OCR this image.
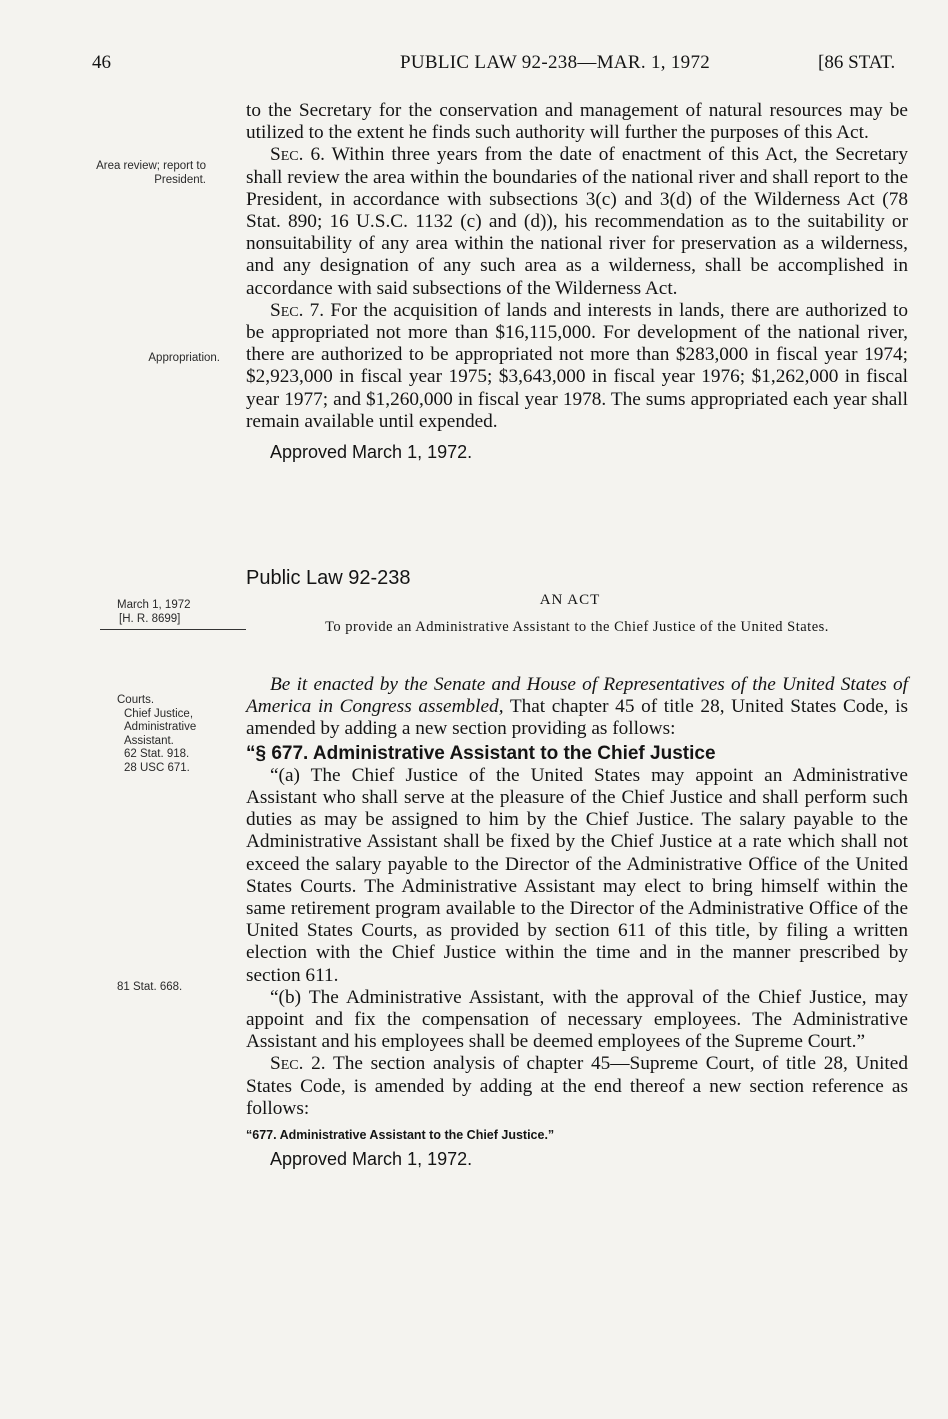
46	PUBLIC LAW 92-238—MAR. 1, 1972	[86 STAT.

to the Secretary for the conservation and management of natural resources may be utilized to the extent he finds such authority will further the purposes of this Act.

Sec. 6. Within three years from the date of enactment of this Act, the Secretary shall review the area within the boundaries of the national river and shall report to the President, in accordance with subsections 3(c) and 3(d) of the Wilderness Act (78 Stat. 890; 16 U.S.C. 1132 (c) and (d)), his recommendation as to the suitability or nonsuitability of any area within the national river for preservation as a wilderness, and any designation of any such area as a wilderness, shall be accomplished in accordance with said subsections of the Wilderness Act.

Sec. 7. For the acquisition of lands and interests in lands, there are authorized to be appropriated not more than $16,115,000. For development of the national river, there are authorized to be appropriated not more than $283,000 in fiscal year 1974; $2,923,000 in fiscal year 1975; $3,643,000 in fiscal year 1976; $1,262,000 in fiscal year 1977; and $1,260,000 in fiscal year 1978. The sums appropriated each year shall remain available until expended.

Approved March 1, 1972.

Area review; report to President.
Appropriation.
Public Law 92-238
AN ACT
To provide an Administrative Assistant to the Chief Justice of the United States.
March 1, 1972
[H. R. 8699]
Courts.
Chief Justice,
Administrative
Assistant.
62 Stat. 918.
28 USC 671.
81 Stat. 668.

Be it enacted by the Senate and House of Representatives of the United States of America in Congress assembled, That chapter 45 of title 28, United States Code, is amended by adding a new section providing as follows:

“§ 677. Administrative Assistant to the Chief Justice

“(a) The Chief Justice of the United States may appoint an Administrative Assistant who shall serve at the pleasure of the Chief Justice and shall perform such duties as may be assigned to him by the Chief Justice. The salary payable to the Administrative Assistant shall be fixed by the Chief Justice at a rate which shall not exceed the salary payable to the Director of the Administrative Office of the United States Courts. The Administrative Assistant may elect to bring himself within the same retirement program available to the Director of the Administrative Office of the United States Courts, as provided by section 611 of this title, by filing a written election with the Chief Justice within the time and in the manner prescribed by section 611.

“(b) The Administrative Assistant, with the approval of the Chief Justice, may appoint and fix the compensation of necessary employees. The Administrative Assistant and his employees shall be deemed employees of the Supreme Court.”

Sec. 2. The section analysis of chapter 45—Supreme Court, of title 28, United States Code, is amended by adding at the end thereof a new section reference as follows:

“677. Administrative Assistant to the Chief Justice.”

Approved March 1, 1972.
